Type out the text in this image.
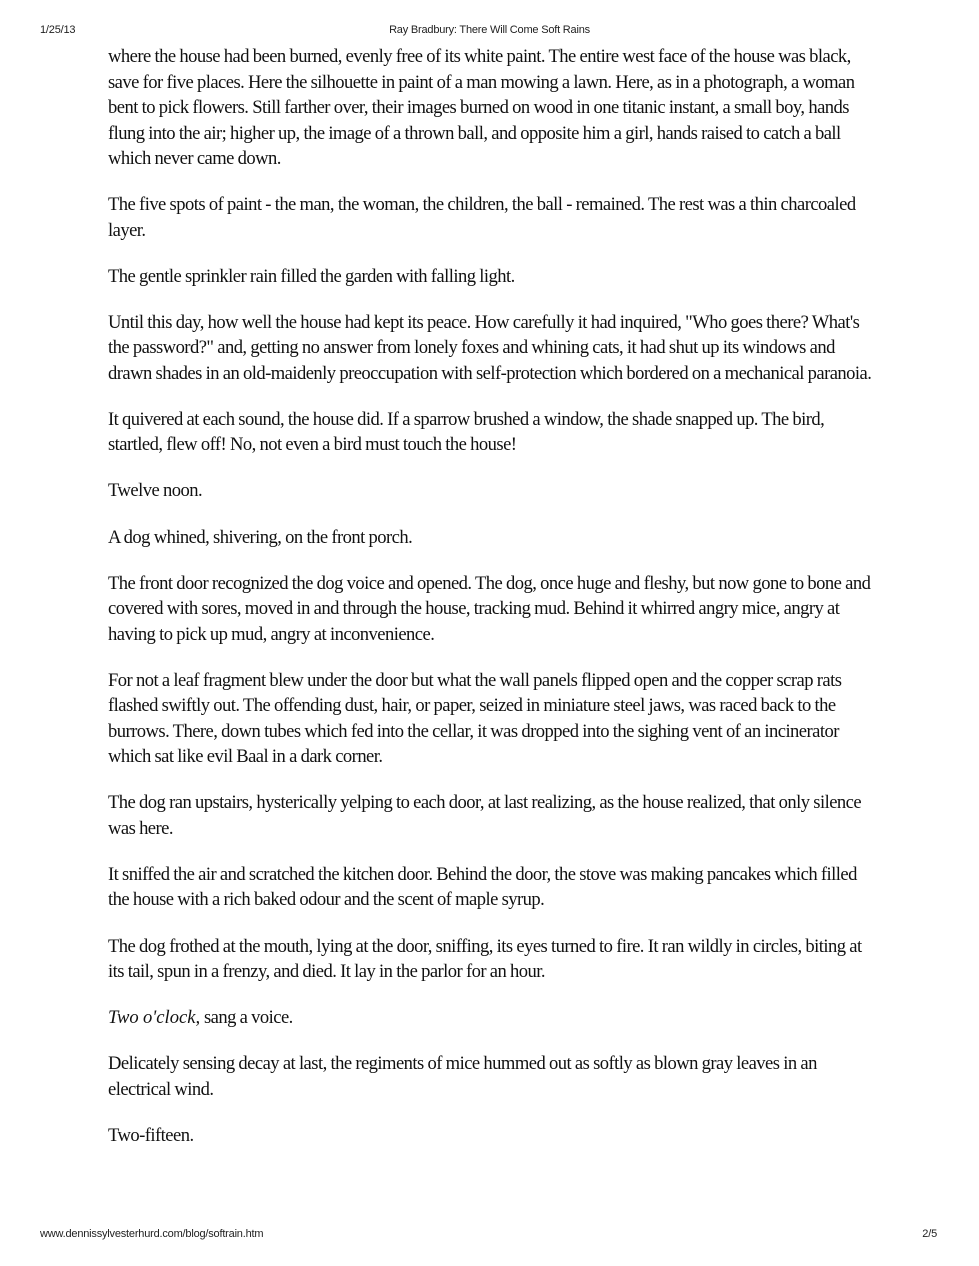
1/25/13	Ray Bradbury: There Will Come Soft Rains

where the house had been burned, evenly free of its white paint. The entire west face of the house was black, save for five places. Here the silhouette in paint of a man mowing a lawn. Here, as in a photograph, a woman bent to pick flowers. Still farther over, their images burned on wood in one titanic instant, a small boy, hands flung into the air; higher up, the image of a thrown ball, and opposite him a girl, hands raised to catch a ball which never came down.

The five spots of paint - the man, the woman, the children, the ball - remained. The rest was a thin charcoaled layer.

The gentle sprinkler rain filled the garden with falling light.

Until this day, how well the house had kept its peace. How carefully it had inquired, "Who goes there? What's the password?" and, getting no answer from lonely foxes and whining cats, it had shut up its windows and drawn shades in an old-maidenly preoccupation with self-protection which bordered on a mechanical paranoia.

It quivered at each sound, the house did. If a sparrow brushed a window, the shade snapped up. The bird, startled, flew off! No, not even a bird must touch the house!

Twelve noon.

A dog whined, shivering, on the front porch.

The front door recognized the dog voice and opened. The dog, once huge and fleshy, but now gone to bone and covered with sores, moved in and through the house, tracking mud. Behind it whirred angry mice, angry at having to pick up mud, angry at inconvenience.

For not a leaf fragment blew under the door but what the wall panels flipped open and the copper scrap rats flashed swiftly out. The offending dust, hair, or paper, seized in miniature steel jaws, was raced back to the burrows. There, down tubes which fed into the cellar, it was dropped into the sighing vent of an incinerator which sat like evil Baal in a dark corner.

The dog ran upstairs, hysterically yelping to each door, at last realizing, as the house realized, that only silence was here.

It sniffed the air and scratched the kitchen door. Behind the door, the stove was making pancakes which filled the house with a rich baked odour and the scent of maple syrup.

The dog frothed at the mouth, lying at the door, sniffing, its eyes turned to fire. It ran wildly in circles, biting at its tail, spun in a frenzy, and died. It lay in the parlor for an hour.

Two o'clock, sang a voice.

Delicately sensing decay at last, the regiments of mice hummed out as softly as blown gray leaves in an electrical wind.

Two-fifteen.

www.dennissylvesterhurd.com/blog/softrain.htm	2/5
